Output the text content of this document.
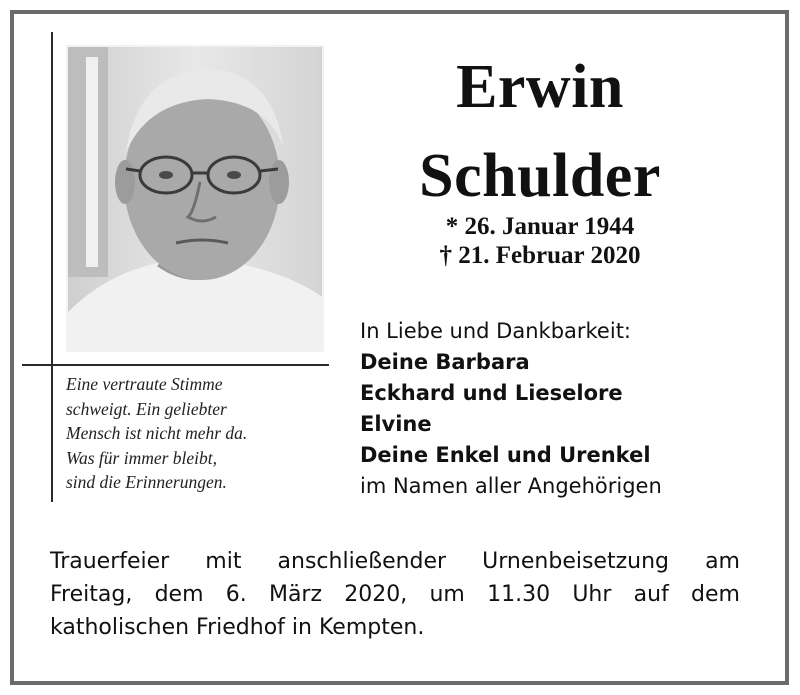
Eine vertraute Stimme
schweigt. Ein geliebter
Mensch ist nicht mehr da.
Was für immer bleibt,
sind die Erinnerungen.
Erwin
Schulder
* 26. Januar 1944
† 21. Februar 2020
In Liebe und Dankbarkeit:
Deine Barbara
Eckhard und Lieselore
Elvine
Deine Enkel und Urenkel
im Namen aller Angehörigen
Trauerfeier mit anschließender Urnenbeisetzung am
Freitag, dem 6. März 2020, um 11.30 Uhr auf dem
katholischen Friedhof in Kempten.
